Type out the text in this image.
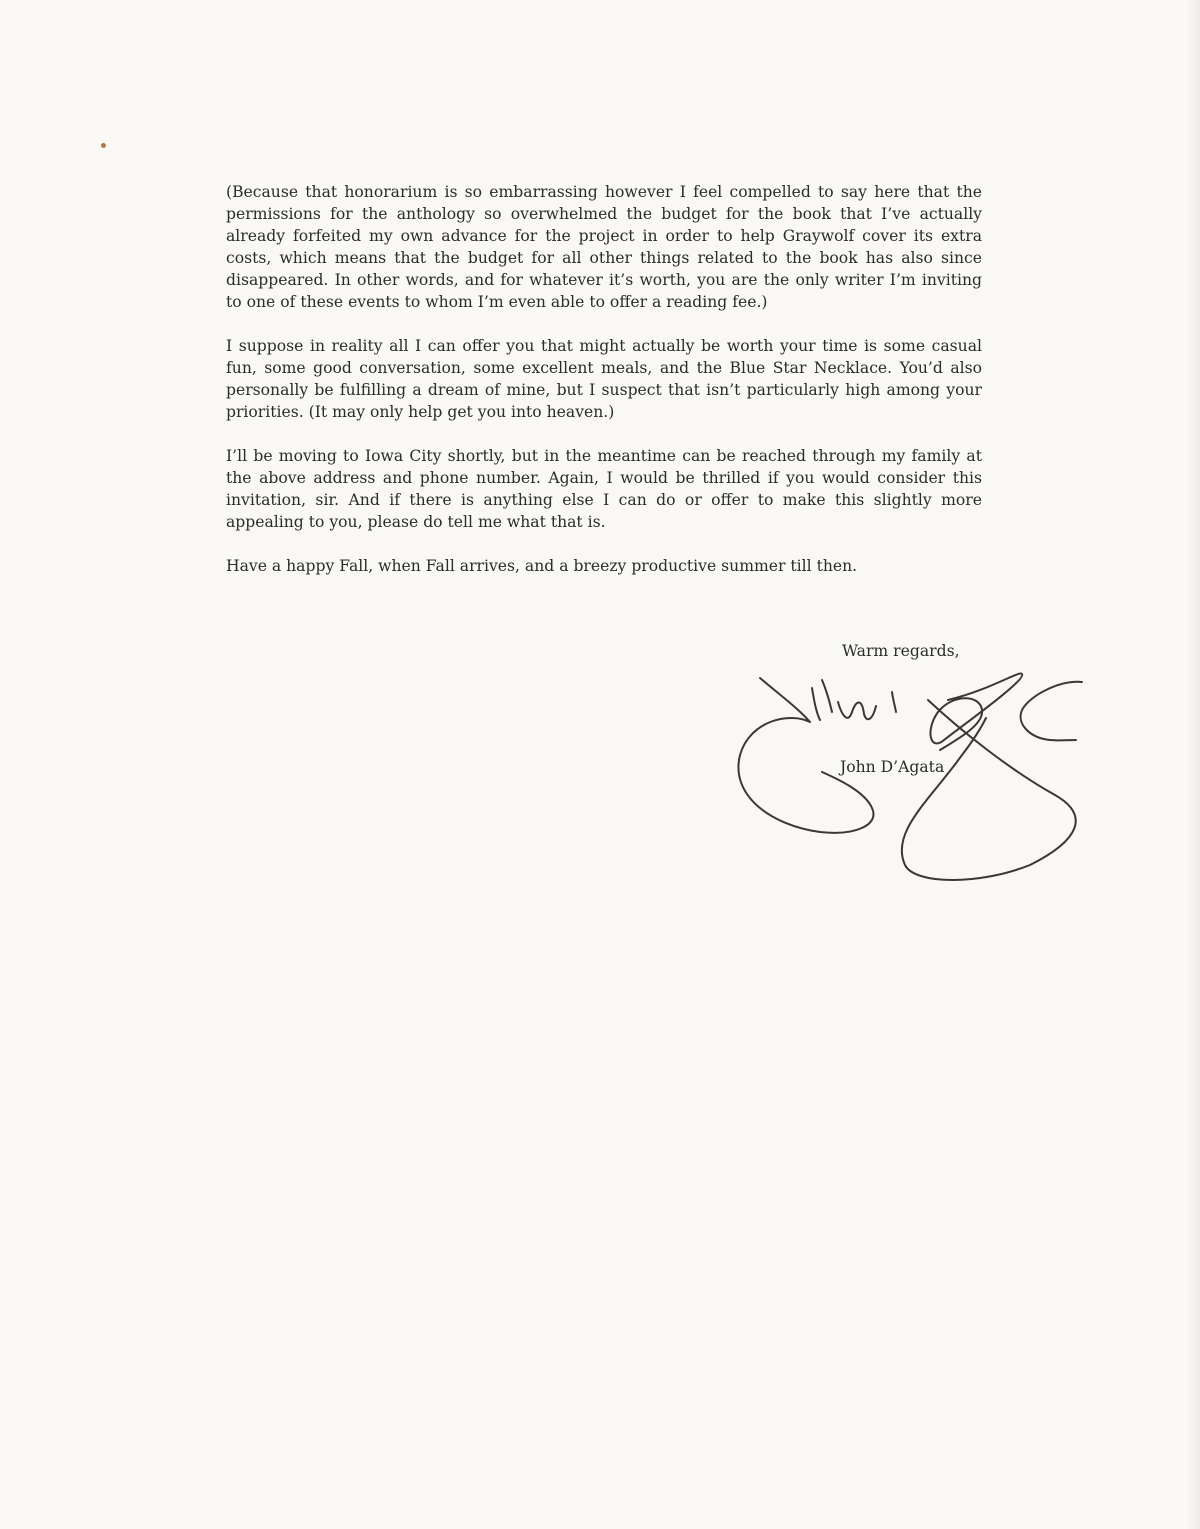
(Because that honorarium is so embarrassing however I feel compelled to say here that the permissions for the anthology so overwhelmed the budget for the book that I’ve actually already forfeited my own advance for the project in order to help Graywolf cover its extra costs, which means that the budget for all other things related to the book has also since disappeared. In other words, and for whatever it’s worth, you are the only writer I’m inviting to one of these events to whom I’m even able to offer a reading fee.)

I suppose in reality all I can offer you that might actually be worth your time is some casual fun, some good conversation, some excellent meals, and the Blue Star Necklace. You’d also personally be fulfilling a dream of mine, but I suspect that isn’t particularly high among your priorities. (It may only help get you into heaven.)

I’ll be moving to Iowa City shortly, but in the meantime can be reached through my family at the above address and phone number. Again, I would be thrilled if you would consider this invitation, sir. And if there is anything else I can do or offer to make this slightly more appealing to you, please do tell me what that is.

Have a happy Fall, when Fall arrives, and a breezy productive summer till then.

Warm regards,
John D’Agata
